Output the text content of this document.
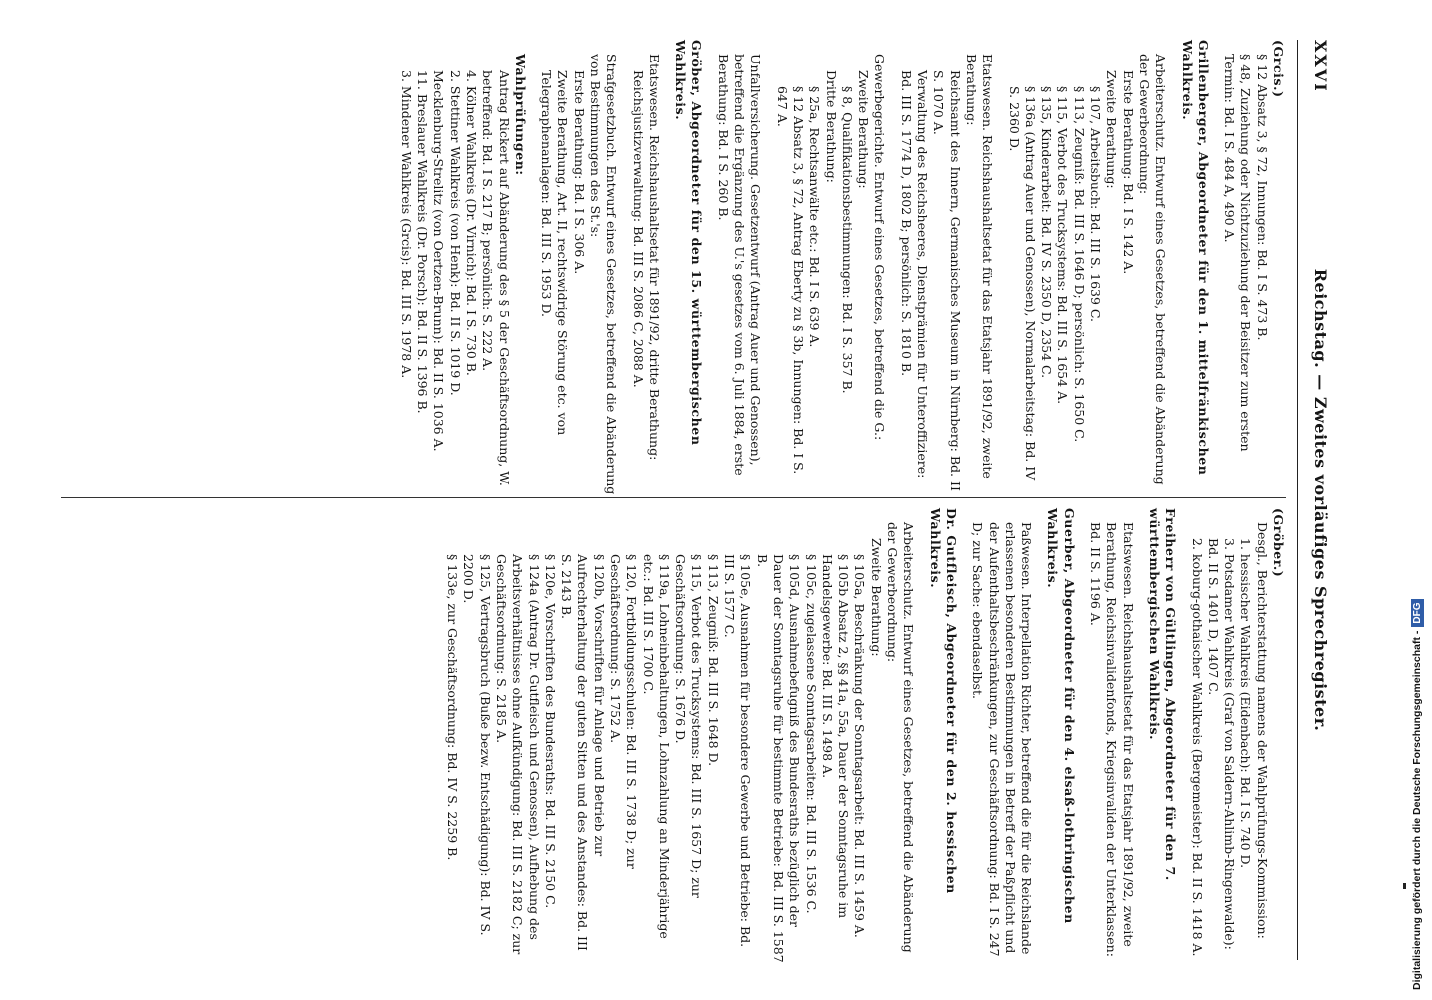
XXVI
Reichstag. — Zweites vorläufiges Sprechregister.
(Grcis.)
§ 12 Absatz 3, § 72, Innungen: Bd. I S. 473 B.
§ 48, Zuziehung oder Nichtzuziehung der Beisitzer zum ersten Termin: Bd. I S. 484 A, 490 A.
Grillenberger, Abgeordneter für den 1. mittelfränkischen Wahlkreis.
Arbeiterschutz. Entwurf eines Gesetzes, betreffend die Abänderung der Gewerbeordnung:
Erste Berathung: Bd. I S. 142 A.
Zweite Berathung:
§ 107, Arbeitsbuch: Bd. III S. 1639 C.
§ 113, Zeugniß: Bd. III S. 1646 D; persönlich: S. 1650 C.
§ 115, Verbot des Trucksystems: Bd. III S. 1654 A.
§ 135, Kinderarbeit: Bd. IV S. 2350 D, 2354 C.
§ 136a (Antrag Auer und Genossen), Normalarbeitstag: Bd. IV S. 2360 D.
Etatswesen. Reichshaushaltsetat für das Etatsjahr 1891/92, zweite Berathung:
Reichsamt des Innern, Germanisches Museum in Nürnberg: Bd. II S. 1070 A.
Verwaltung des Reichsheeres, Dienstprämien für Unteroffiziere: Bd. III S. 1774 D, 1802 B; persönlich: S. 1810 B.
Gewerbegerichte. Entwurf eines Gesetzes, betreffend die G.:
Zweite Berathung:
§ 8, Qualifikationsbestimmungen: Bd. I S. 357 B.
Dritte Berathung:
§ 25a, Rechtsanwälte etc.: Bd. I S. 639 A.
§ 12 Absatz 3, § 72, Antrag Eberty zu § 3b, Innungen: Bd. I S. 647 A.
Unfallversicherung. Gesetzentwurf (Antrag Auer und Genossen), betreffend die Ergänzung des U.'s gesetzes vom 6. Juli 1884, erste Berathung: Bd. I S. 260 B.
Gröber, Abgeordneter für den 15. württembergischen Wahlkreis.
Etatswesen. Reichshaushaltsetat für 1891/92, dritte Berathung:
Reichsjustizverwaltung: Bd. III S. 2086 C, 2088 A.
Strafgesetzbuch. Entwurf eines Gesetzes, betreffend die Abänderung von Bestimmungen des St.'s:
Erste Berathung: Bd. I S. 306 A.
Zweite Berathung, Art. II, rechtswidrige Störung etc. von Telegraphenanlagen: Bd. III S. 1953 D.
Wahlprüfungen:
Antrag Rickert auf Abänderung des § 5 der Geschäftsordnung, W. betreffend: Bd. I S. 217 B; persönlich: S. 222 A.
4. Kölner Wahlkreis (Dr. Virnich): Bd. I S. 730 B.
2. Stettiner Wahlkreis (von Henk): Bd. II S. 1019 D.
Mecklenburg-Strelitz (von Oertzen-Brunn): Bd. II S. 1036 A.
11. Breslauer Wahlkreis (Dr. Porsch): Bd. II S. 1396 B.
3. Mindener Wahlkreis (Grcis): Bd. III S. 1978 A.
(Gröber.)
Desgl., Berichterstattung namens der Wahlprüfungs-Kommission:
1. hessischer Wahlkreis (Eidenbach): Bd. I S. 740 D.
3. Potsdamer Wahlkreis (Graf von Saldern-Ahlimb-Ringenwalde): Bd. II S. 1401 D, 1407 C.
2. koburg-gothaischer Wahlkreis (Bergemeister): Bd. II S. 1418 A.
Freiherr von Gültlingen, Abgeordneter für den 7. württembergischen Wahlkreis.
Etatswesen. Reichshaushaltsetat für das Etatsjahr 1891/92, zweite Berathung, Reichsinvalidenfonds, Kriegsinvaliden der Unterklassen: Bd. II S. 1196 A.
Guerber, Abgeordneter für den 4. elsaß-lothringischen Wahlkreis.
Paßwesen. Interpellation Richter, betreffend die für die Reichslande erlassenen besonderen Bestimmungen in Betreff der Paßpflicht und der Aufenthaltsbeschränkungen, zur Geschäftsordnung: Bd. I S. 247 D; zur Sache: ebendaselbst.
Dr. Gutfleisch, Abgeordneter für den 2. hessischen Wahlkreis.
Arbeiterschutz. Entwurf eines Gesetzes, betreffend die Abänderung der Gewerbeordnung:
Zweite Berathung:
§ 105a, Beschränkung der Sonntagsarbeit: Bd. III S. 1459 A.
§ 105b Absatz 2, §§ 41a, 55a, Dauer der Sonntagsruhe im Handelsgewerbe: Bd. III S. 1498 A.
§ 105c, zugelassene Sonntagsarbeiten: Bd. III S. 1536 C.
§ 105d, Ausnahmebefugniß des Bundesraths bezüglich der Dauer der Sonntagsruhe für bestimmte Betriebe: Bd. III S. 1587 B.
§ 105e, Ausnahmen für besondere Gewerbe und Betriebe: Bd. III S. 1577 C.
§ 113, Zeugniß: Bd. III S. 1648 D.
§ 115, Verbot des Trucksystems: Bd. III S. 1657 D; zur Geschäftsordnung: S. 1676 D.
§ 119a, Lohneinbehaltungen, Lohnzahlung an Minderjährige etc.: Bd. III S. 1700 C.
§ 120, Fortbildungsschulen: Bd. III S. 1738 D; zur Geschäftsordnung: S. 1752 A.
§ 120b, Vorschriften für Anlage und Betrieb zur Aufrechterhaltung der guten Sitten und des Anstandes: Bd. III S. 2143 B.
§ 120e, Vorschriften des Bundesraths: Bd. III S. 2150 C.
§ 124a (Antrag Dr. Gutfleisch und Genossen), Aufhebung des Arbeitsverhältnisses ohne Aufkündigung: Bd. III S. 2182 C; zur Geschäftsordnung: S. 2185 A.
§ 125, Vertragsbruch (Buße bezw. Entschädigung): Bd. IV S. 2200 D.
§ 133e, zur Geschäftsordnung: Bd. IV S. 2259 B.	Digitalisierung gefördert durch die Deutsche Forschungsgemeinschaft -DFG
